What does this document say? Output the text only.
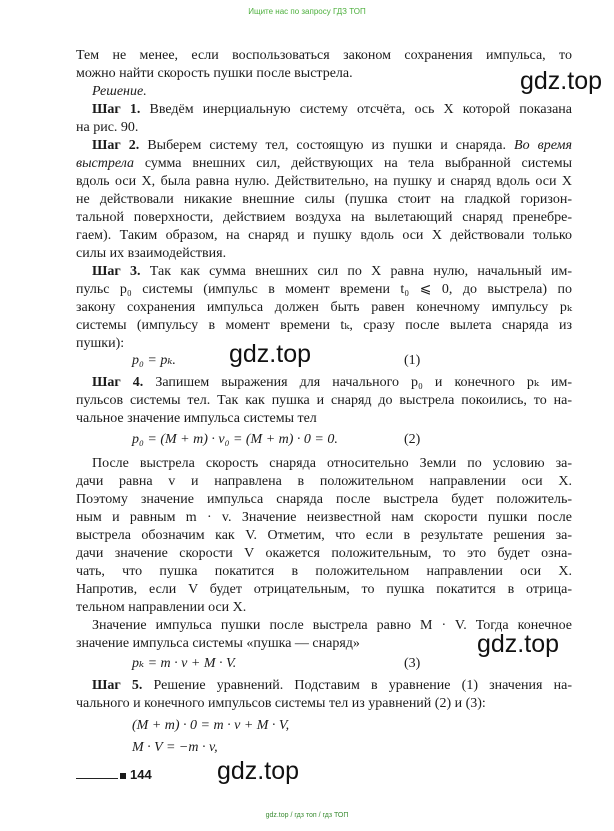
Ищите нас по запросу ГДЗ ТОП
Тем не менее, если воспользоваться законом сохранения импульса, то
можно найти скорость пушки после выстрела.
Решение.
Шаг 1. Введём инерциальную систему отсчёта, ось X которой показана
на рис. 90.
Шаг 2. Выберем систему тел, состоящую из пушки и снаряда. Во время
выстрела сумма внешних сил, действующих на тела выбранной системы
вдоль оси X, была равна нулю. Действительно, на пушку и снаряд вдоль оси X
не действовали никакие внешние силы (пушка стоит на гладкой горизон-
тальной поверхности, действием воздуха на вылетающий снаряд пренебре-
гаем). Таким образом, на снаряд и пушку вдоль оси X действовали только
силы их взаимодействия.
Шаг 3. Так как сумма внешних сил по X равна нулю, начальный им-
пульс p₀ системы (импульс в момент времени t₀ ⩽ 0, до выстрела) по
закону сохранения импульса должен быть равен конечному импульсу pₖ
системы (импульсу в момент времени tₖ, сразу после вылета снаряда из
пушки):
p₀ = pₖ.	(1)
Шаг 4. Запишем выражения для начального p₀ и конечного pₖ им-
пульсов системы тел. Так как пушка и снаряд до выстрела покоились, то на-
чальное значение импульса системы тел
p₀ = (M + m) · v₀ = (M + m) · 0 = 0.	(2)
После выстрела скорость снаряда относительно Земли по условию за-
дачи равна v и направлена в положительном направлении оси X.
Поэтому значение импульса снаряда после выстрела будет положитель-
ным и равным m · v. Значение неизвестной нам скорости пушки после
выстрела обозначим как V. Отметим, что если в результате решения за-
дачи значение скорости V окажется положительным, то это будет озна-
чать, что пушка покатится в положительном направлении оси X.
Напротив, если V будет отрицательным, то пушка покатится в отрица-
тельном направлении оси X.
Значение импульса пушки после выстрела равно M · V. Тогда конечное
значение импульса системы «пушка — снаряд»
pₖ = m · v + M · V.	(3)
Шаг 5. Решение уравнений. Подставим в уравнение (1) значения на-
чального и конечного импульсов системы тел из уравнений (2) и (3):
(M + m) · 0 = m · v + M · V,
M · V = −m · v,
gdz.top
gdz.top
gdz.top
gdz.top
144
gdz.top / гдз топ / гдз ТОП
